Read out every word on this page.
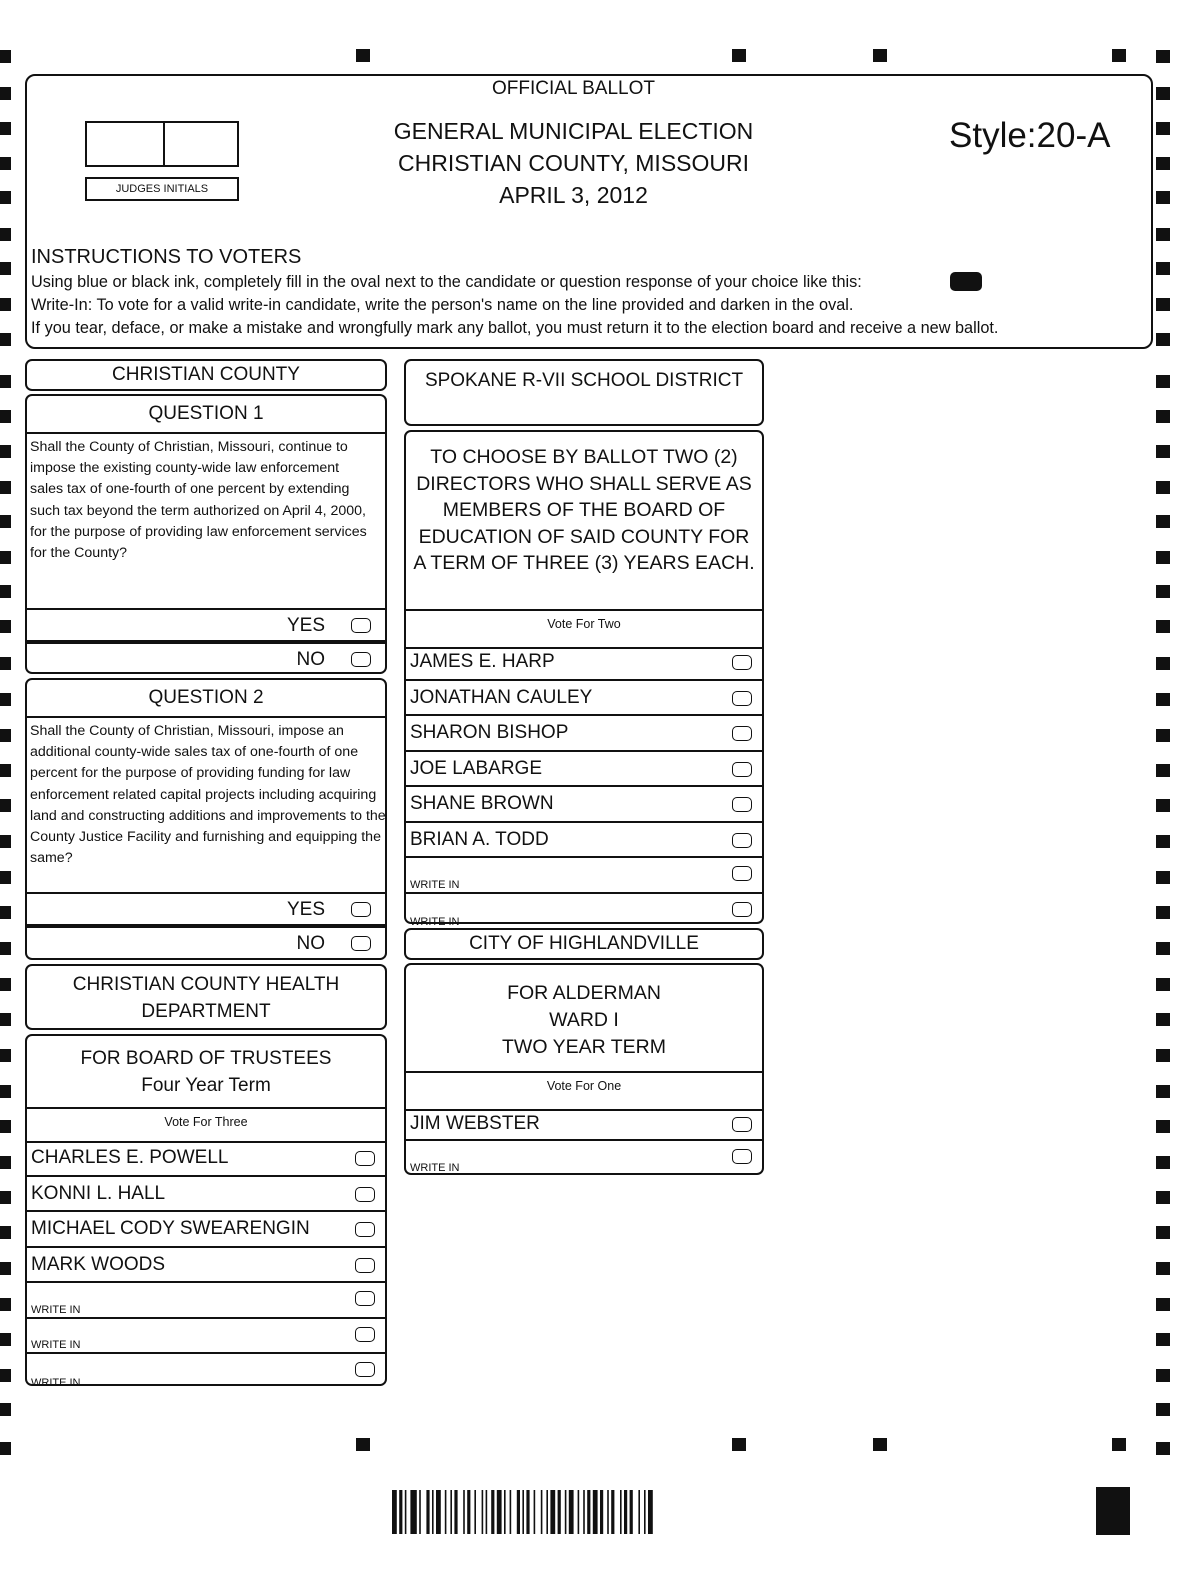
OFFICIAL BALLOT
JUDGES INITIALS
GENERAL MUNICIPAL ELECTION
CHRISTIAN COUNTY, MISSOURI
APRIL 3, 2012
Style:20-A
INSTRUCTIONS TO VOTERS
Using blue or black ink, completely fill in the oval next to the candidate or question response of your choice like this:
Write-In: To vote for a valid write-in candidate, write the person's name on the line provided and darken in the oval.
If you tear, deface, or make a mistake and wrongfully mark any ballot, you must return it to the election board and receive a new ballot.
CHRISTIAN COUNTY
QUESTION 1
Shall the County of Christian, Missouri, continue to impose the existing county-wide law enforcement sales tax of one-fourth of one percent by extending such tax beyond the term authorized on April 4, 2000, for the purpose of providing law enforcement services for the County?
YES
NO
QUESTION 2
Shall the County of Christian, Missouri, impose an additional county-wide sales tax of one-fourth of one percent for the purpose of providing funding for law enforcement related capital projects including acquiring land and constructing additions and improvements to the County Justice Facility and furnishing and equipping the same?
YES
NO
CHRISTIAN COUNTY HEALTH
DEPARTMENT
FOR BOARD OF TRUSTEES
Four Year Term
Vote For Three
CHARLES E. POWELL
KONNI L. HALL
MICHAEL CODY SWEARENGIN
MARK WOODS
WRITE IN
WRITE IN
WRITE IN
SPOKANE R-VII SCHOOL DISTRICT
TO CHOOSE BY BALLOT TWO (2)
DIRECTORS WHO SHALL SERVE AS
MEMBERS OF THE BOARD OF
EDUCATION OF SAID COUNTY FOR
A TERM OF THREE (3) YEARS EACH.
Vote For Two
JAMES E. HARP
JONATHAN CAULEY
SHARON BISHOP
JOE LABARGE
SHANE BROWN
BRIAN A. TODD
WRITE IN
WRITE IN
CITY OF HIGHLANDVILLE
FOR ALDERMAN
WARD I
TWO YEAR TERM
Vote For One
JIM WEBSTER
WRITE IN
